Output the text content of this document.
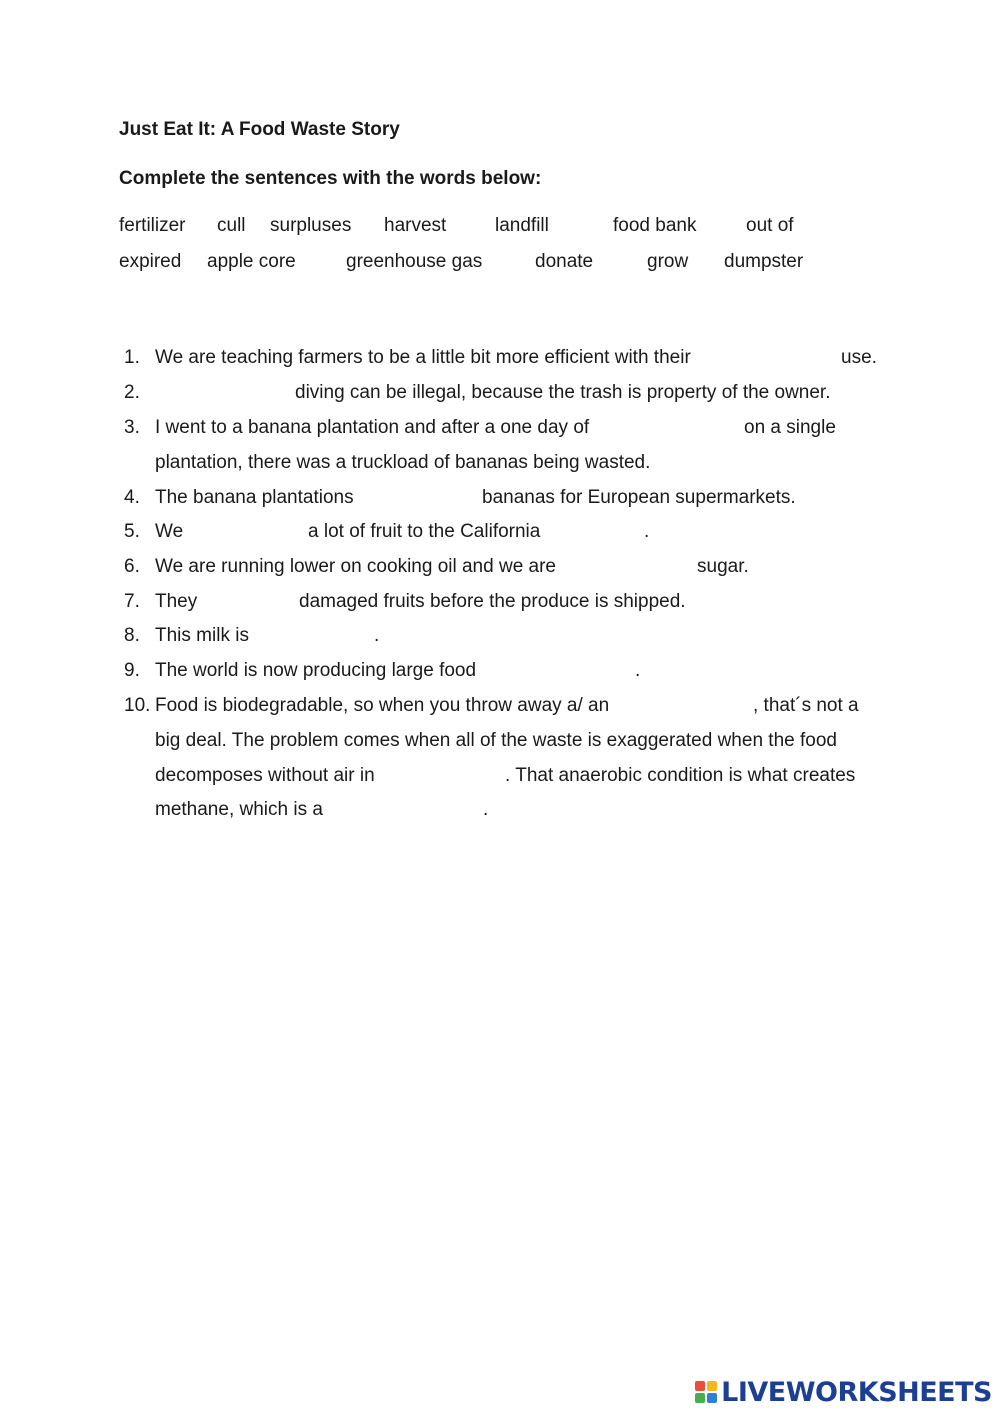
Just Eat It: A Food Waste Story
Complete the sentences with the words below:
fertilizer cull surpluses harvest	landfill	food bank	out of
expired apple core	greenhouse gas	donate	grow dumpster
1. We are teaching farmers to be a little bit more efficient with their	use.
2.	diving can be illegal, because the trash is property of the owner.
3. I went to a banana plantation and after a one day of	on a single
plantation, there was a truckload of bananas being wasted.
4. The banana plantations	bananas for European supermarkets.
5. We	a lot of fruit to the California	.
6. We are running lower on cooking oil and we are	sugar.
7. They	damaged fruits before the produce is shipped.
8. This milk is	.
9. The world is now producing large food	.
10. Food is biodegradable, so when you throw away a/ an	, that´s not a
big deal. The problem comes when all of the waste is exaggerated when the food
decomposes without air in	. That anaerobic condition is what creates
methane, which is a	.
LIVEWORKSHEETS
